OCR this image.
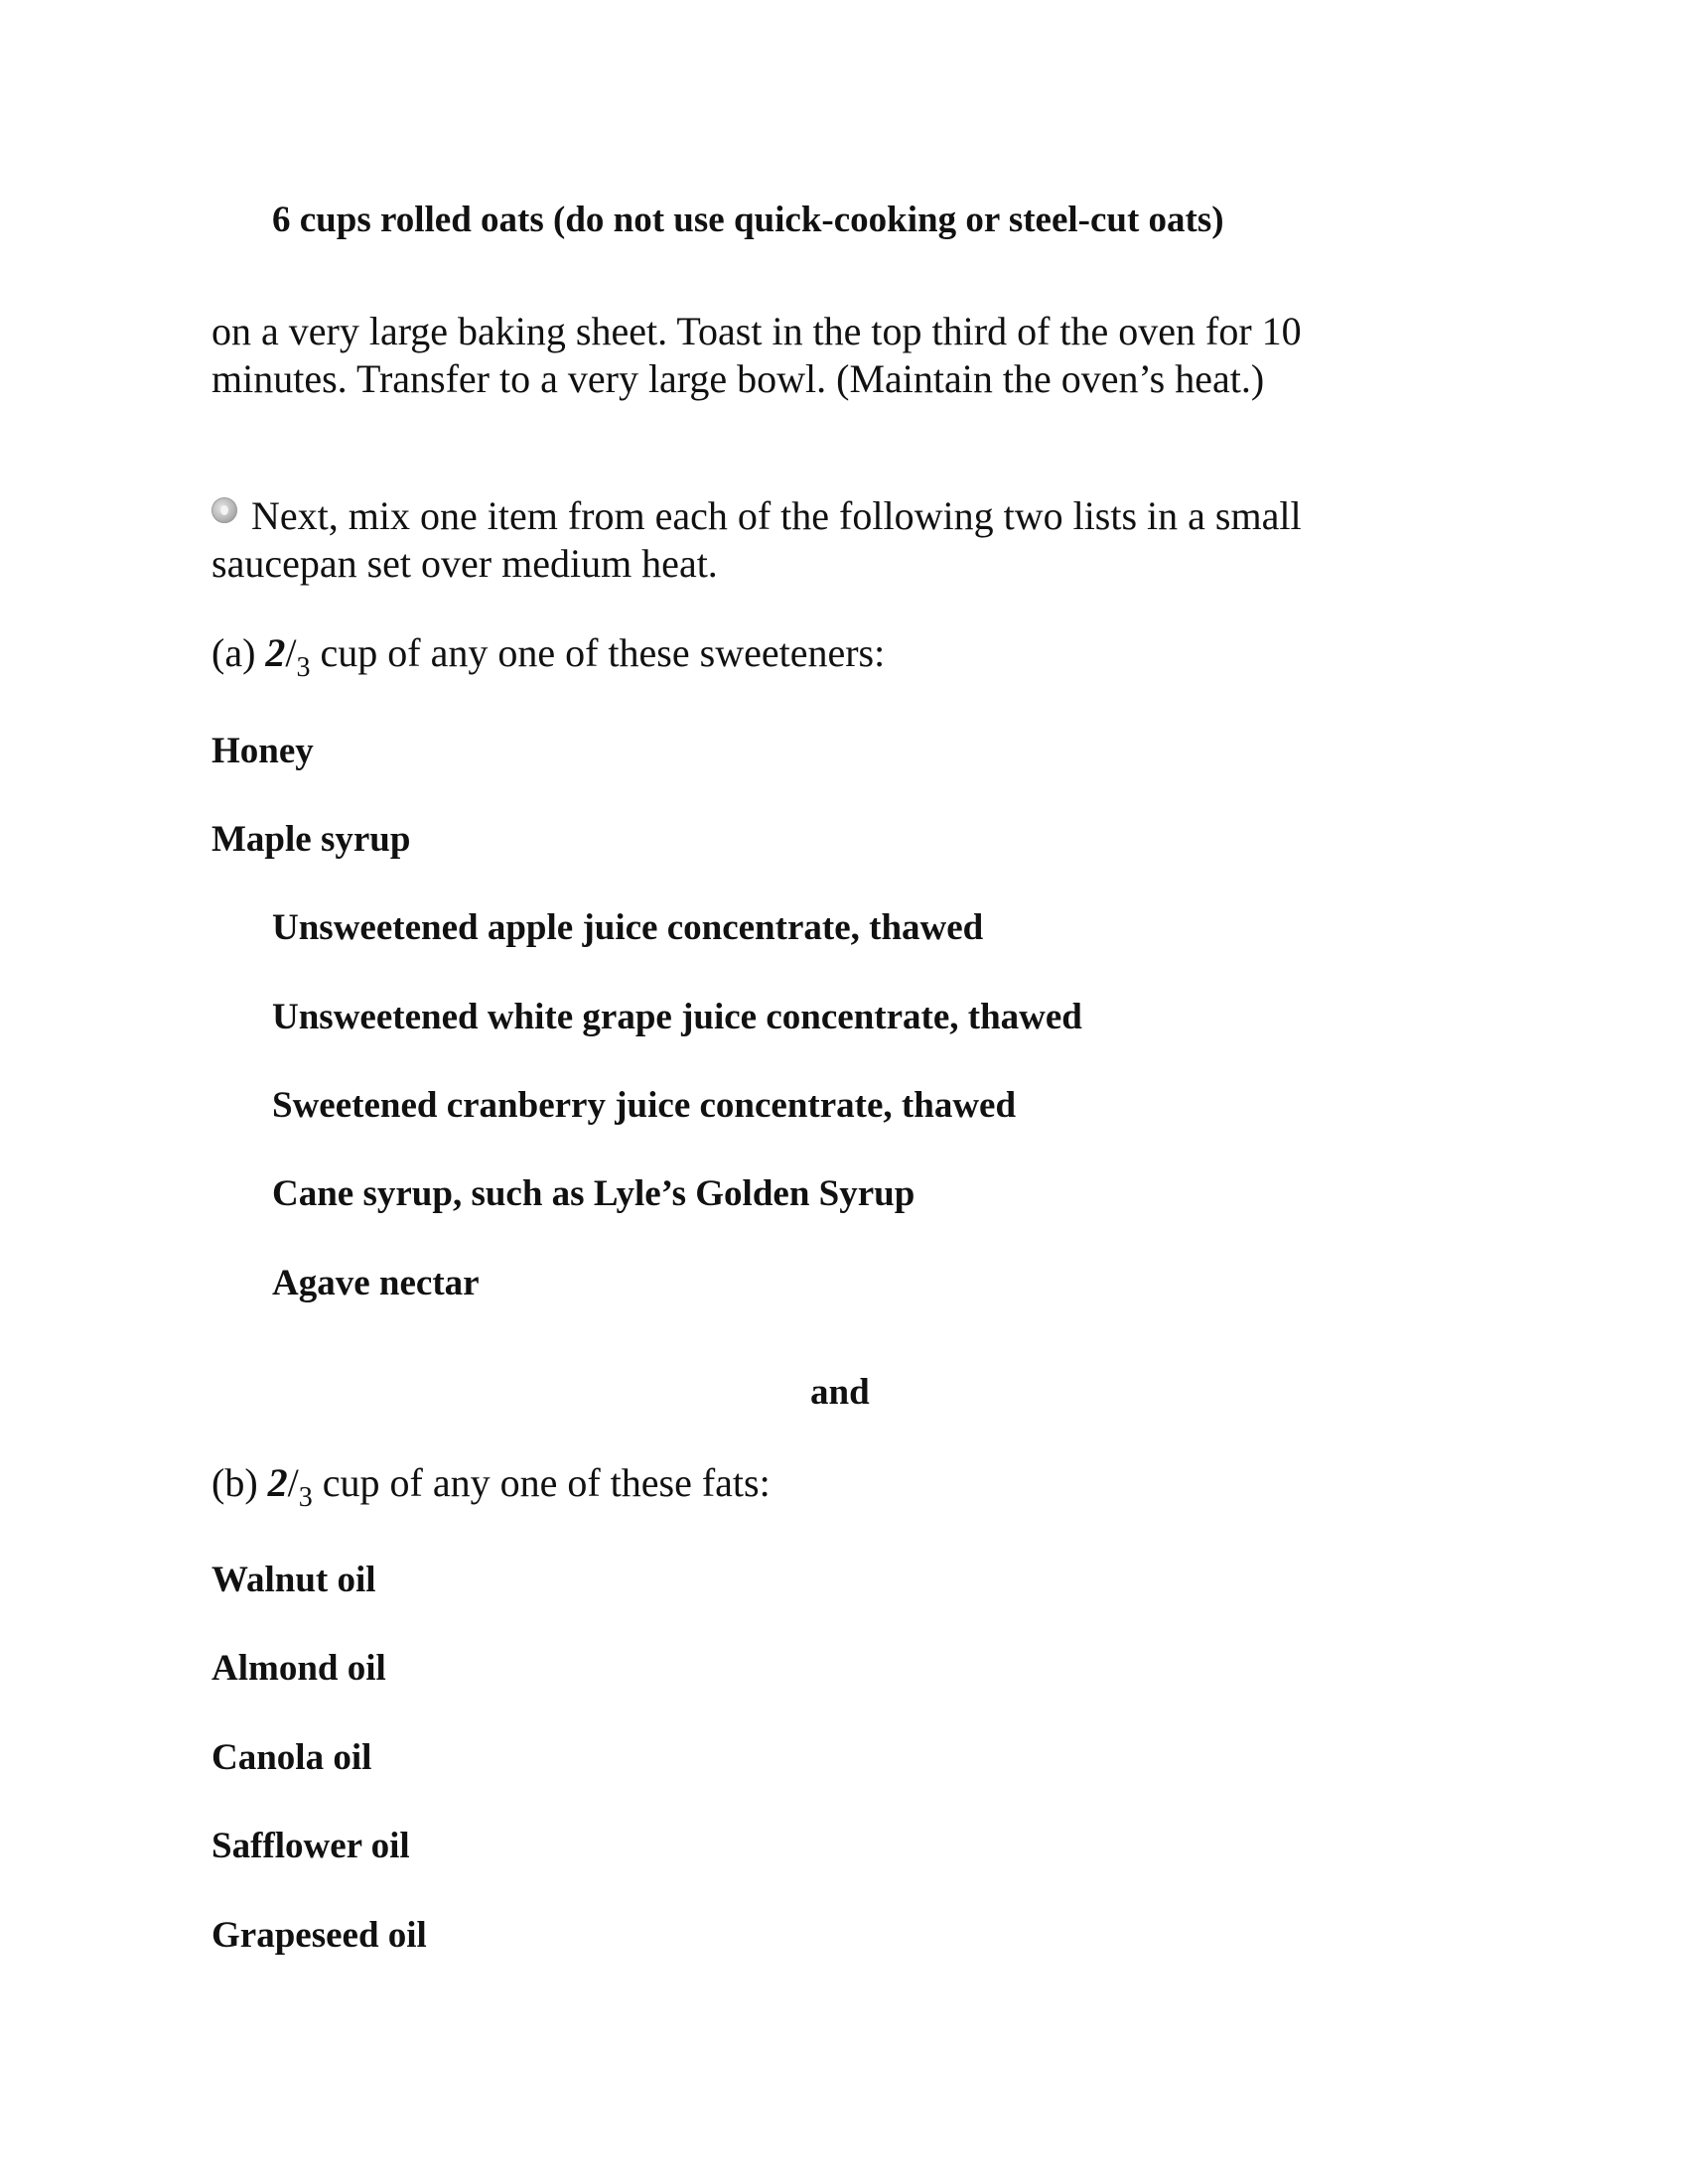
6 cups rolled oats (do not use quick-cooking or steel-cut oats)

on a very large baking sheet. Toast in the top third of the oven for 10

minutes. Transfer to a very large bowl. (Maintain the oven’s heat.)

Next, mix one item from each of the following two lists in a small

saucepan set over medium heat.

(a) $2/_3$ cup of any one of these sweeteners:

Honey

Maple syrup

Unsweetened apple juice concentrate, thawed

Unsweetened white grape juice concentrate, thawed

Sweetened cranberry juice concentrate, thawed

Cane syrup, such as Lyle’s Golden Syrup

Agave nectar

and

(b) $2/_3$ cup of any one of these fats:

Walnut oil

Almond oil

Canola oil

Safflower oil

Grapeseed oil
